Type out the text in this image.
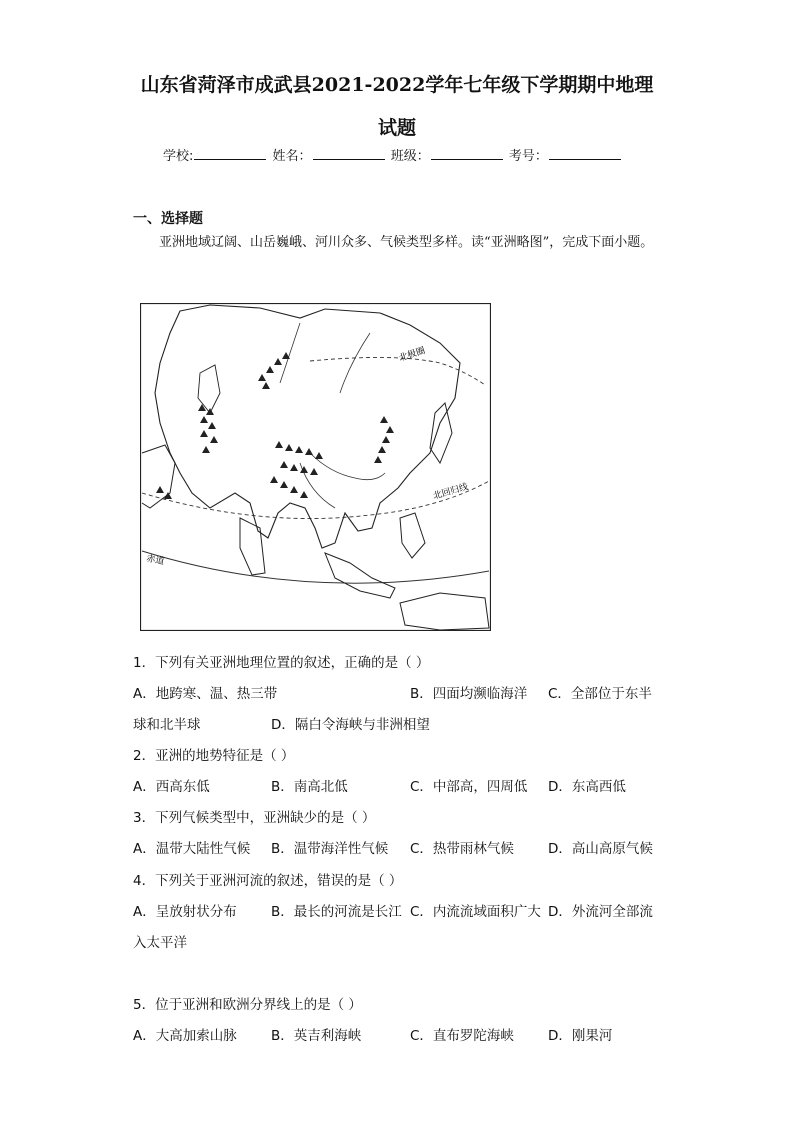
山东省菏泽市成武县2021-2022学年七年级下学期期中地理
试题
学校:	姓名：	班级：	考号：
一、选择题
亚洲地域辽阔、山岳巍峨、河川众多、气候类型多样。读“亚洲略图”，完成下面小题。
北极圈
北回归线
赤道
1．下列有关亚洲地理位置的叙述，正确的是（ ）
A．地跨寒、温、热三带	B．四面均濒临海洋 C．全部位于东半
球和北半球	D．隔白令海峡与非洲相望
2．亚洲的地势特征是（ ）
A．西高东低	B．南高北低	C．中部高，四周低 D．东高西低
3．下列气候类型中，亚洲缺少的是（ ）
A．温带大陆性气候 B．温带海洋性气候 C．热带雨林气候	D．高山高原气候
4．下列关于亚洲河流的叙述，错误的是（ ）
A．呈放射状分布	B．最长的河流是长江 C．内流流域面积广大 D．外流河全部流
入太平洋
5．位于亚洲和欧洲分界线上的是（ ）
A．大高加索山脉	B．英吉利海峡	C．直布罗陀海峡	D．刚果河
